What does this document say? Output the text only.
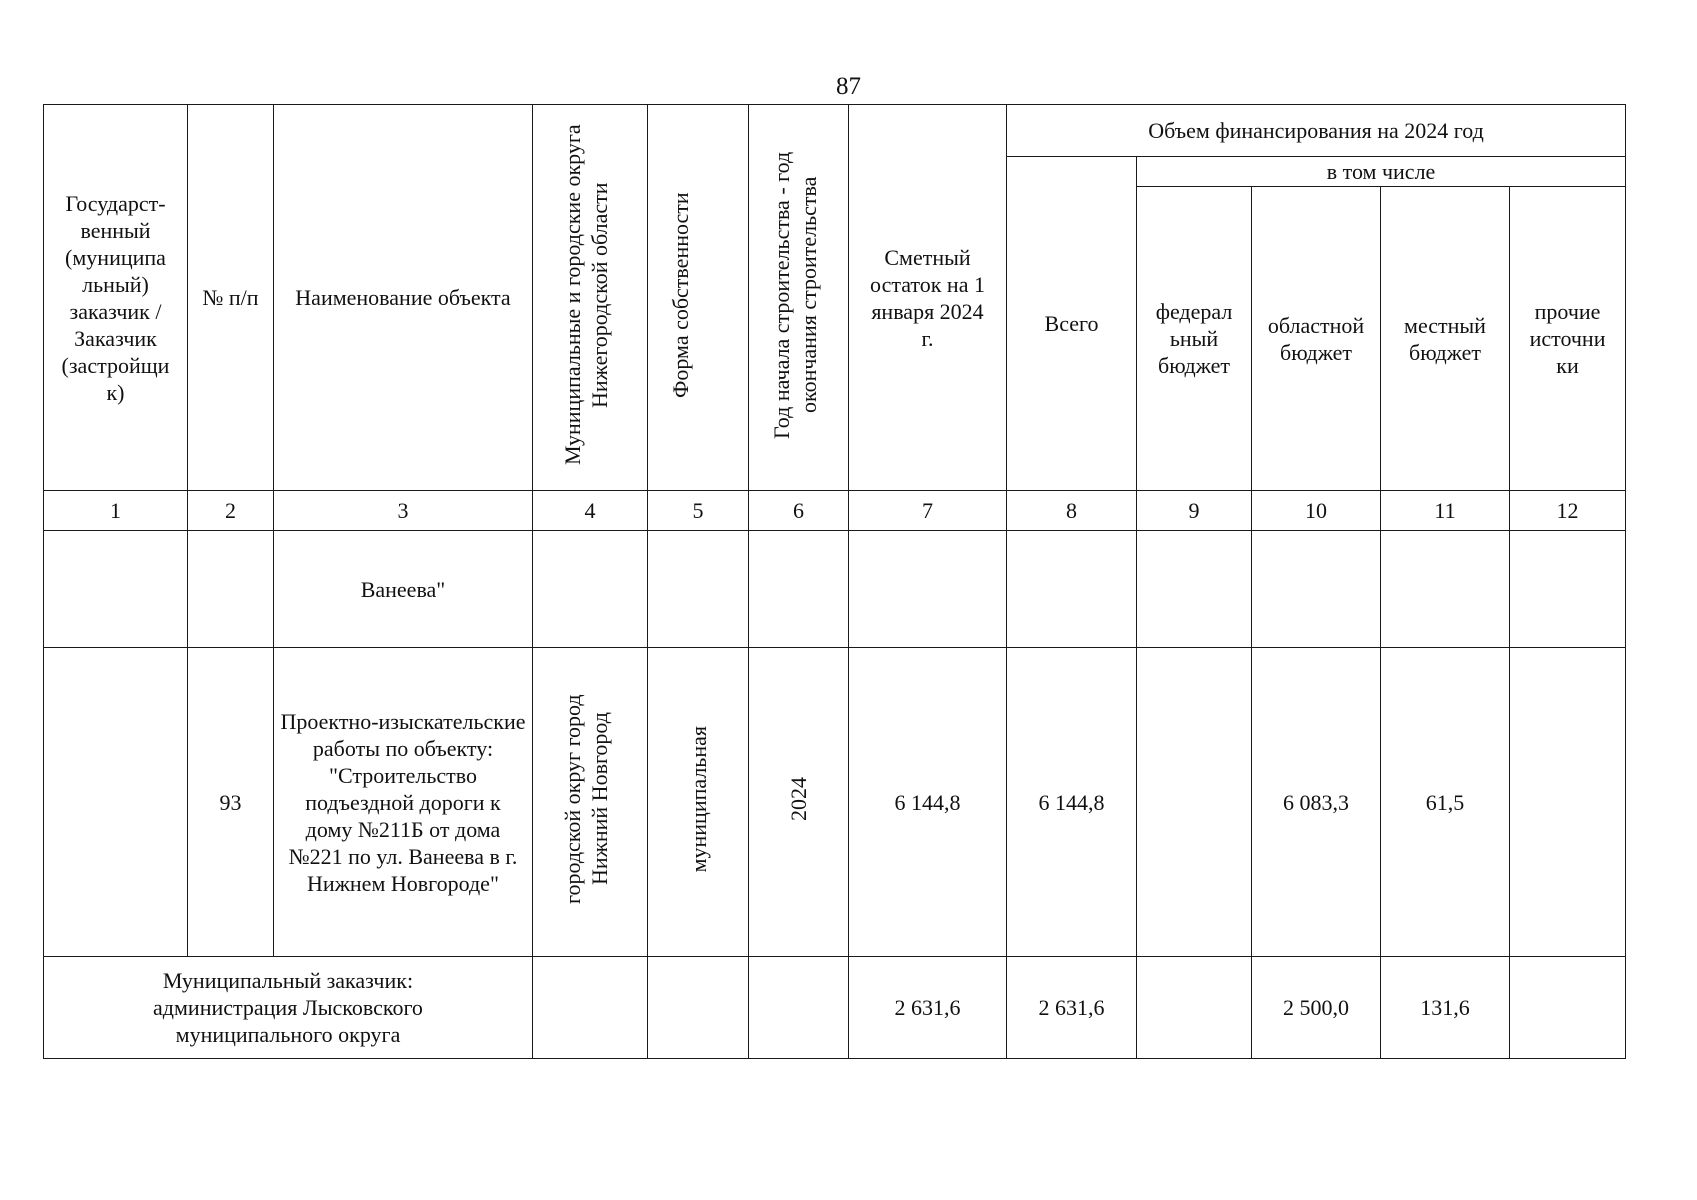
87
Государст-венный (муниципа льный) заказчик / Заказчик (застройщи к)	№ п/п	Наименование объекта	Муниципальные и городские округа Нижегородской области	Форма собственности	Год начала строительства - год окончания строительства	Сметный остаток на 1 января 2024 г.	Объем финансирования на 2024 год				
							Всего	в том числе			
								федерал ьный бюджет	областной бюджет	местный бюджет	прочие источни ки
1	2	3	4	5	6	7	8	9	10	11	12
		Ванеева"									
	93	Проектно-изыскательские работы по объекту: "Строительство подъездной дороги к дому №211Б от дома №221 по ул. Ванеева в г. Нижнем Новгороде"	городской округ город Нижний Новгород	муниципальная	2024	6 144,8	6 144,8		6 083,3	61,5	
Муниципальный заказчик: администрация Лысковского муниципального округа						2 631,6	2 631,6		2 500,0	131,6	
